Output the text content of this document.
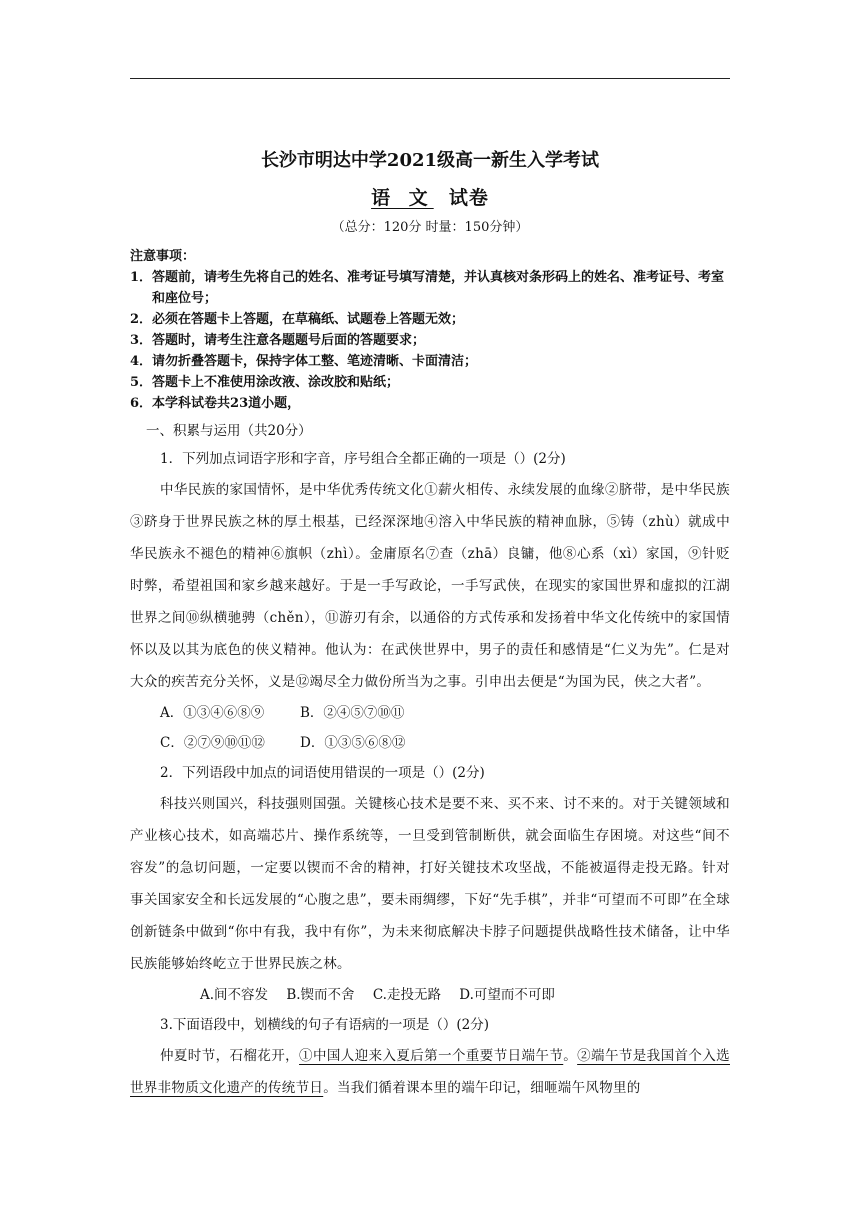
长沙市明达中学2021级高一新生入学考试
语 文 试卷
（总分：120分 时量：150分钟）
注意事项：
1．答题前，请考生先将自己的姓名、准考证号填写清楚，并认真核对条形码上的姓名、准考证号、考室和座位号；
2．必须在答题卡上答题，在草稿纸、试题卷上答题无效；
3．答题时，请考生注意各题题号后面的答题要求；
4．请勿折叠答题卡，保持字体工整、笔迹清晰、卡面清洁；
5．答题卡上不准使用涂改液、涂改胶和贴纸；
6．本学科试卷共23道小题，
一、积累与运用（共20分）
1．下列加点词语字形和字音，序号组合全都正确的一项是（）(2分)

中华民族的家国情怀，是中华优秀传统文化①薪火相传、永续发展的血缘②脐带，是中华民族③跻身于世界民族之林的厚土根基，已经深深地④溶入中华民族的精神血脉，⑤铸（zhù）就成中华民族永不褪色的精神⑥旗帜（zhì）。金庸原名⑦查（zhā）良镛，他⑧心系（xì）家国，⑨针贬时弊，希望祖国和家乡越来越好。于是一手写政论，一手写武侠，在现实的家国世界和虚拟的江湖世界之间⑩纵横驰骋（chěn），⑪游刃有余，以通俗的方式传承和发扬着中华文化传统中的家国情怀以及以其为底色的侠义精神。他认为：在武侠世界中，男子的责任和感情是“仁义为先”。仁是对大众的疾苦充分关怀，义是⑫竭尽全力做份所当为之事。引申出去便是“为国为民，侠之大者”。

A．①③④⑥⑧⑨	B．②④⑤⑦⑩⑪
C．②⑦⑨⑩⑪⑫	D．①③⑤⑥⑧⑫
2．下列语段中加点的词语使用错误的一项是（）(2分)

科技兴则国兴，科技强则国强。关键核心技术是要不来、买不来、讨不来的。对于关键领域和产业核心技术，如高端芯片、操作系统等，一旦受到管制断供，就会面临生存困境。对这些“间不容发”的急切问题，一定要以锲而不舍的精神，打好关键技术攻坚战，不能被逼得走投无路。针对事关国家安全和长远发展的“心腹之患”，要未雨绸缪，下好“先手棋”，并非“可望而不可即”在全球创新链条中做到“你中有我，我中有你”，为未来彻底解决卡脖子问题提供战略性技术储备，让中华民族能够始终屹立于世界民族之林。

A.间不容发 B.锲而不舍 C.走投无路 D.可望而不可即
3.下面语段中，划横线的句子有语病的一项是（）(2分)

仲夏时节，石榴花开，①中国人迎来入夏后第一个重要节日端午节。②端午节是我国首个入选世界非物质文化遗产的传统节日。当我们循着课本里的端午印记，细咂端午风物里的
